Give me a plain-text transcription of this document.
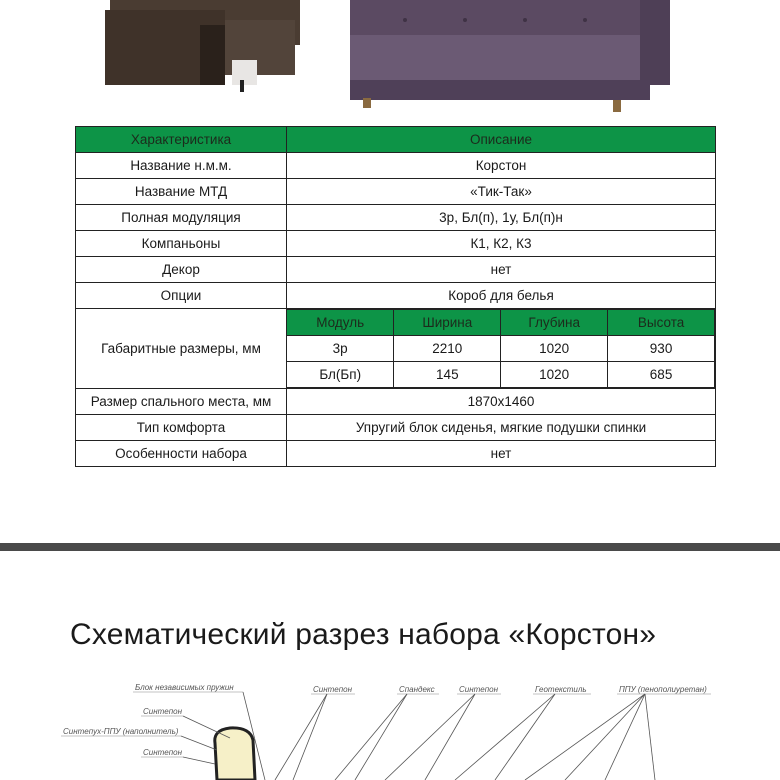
Характеристика	Описание
Название н.м.м.	Корстон
Название МТД	«Тик-Так»
Полная модуляция	3р, Бл(п), 1у, Бл(п)н
Компаньоны	К1, К2, К3
Декор	нет
Опции	Короб для белья
Габаритные размеры, мм	
Модуль	Ширина	Глубина	Высота
3р	2210	1020	930
Бл(Бп)	145	1020	685

Размер спального места, мм	1870х1460
Тип комфорта	Упругий блок сиденья, мягкие подушки спинки
Особенности набора	нет
Схематический разрез набора «Корстон»
Блок независимых пружин
Синтепон
Синтепух-ППУ (наполнитель)
Синтепон
Синтепон	Спандекс	Синтепон	Геотекстиль	ППУ (пенополиуретан)
